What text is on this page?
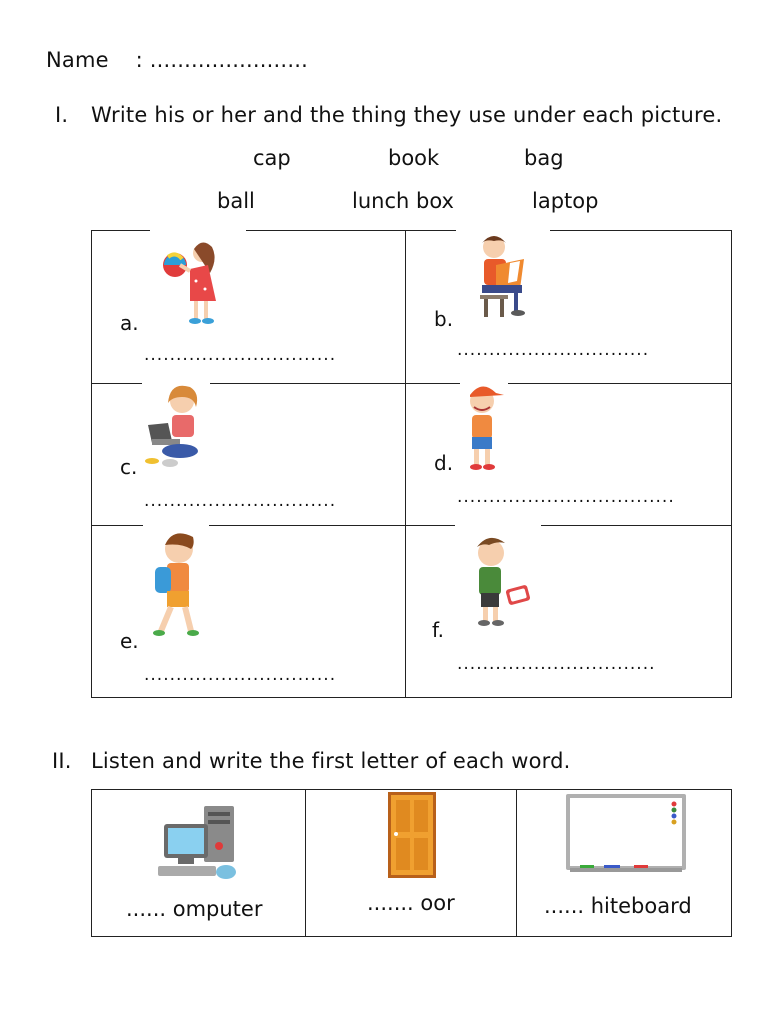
Name : .......................
I. Write his or her and the thing they use under each picture.
cap	book	bag
ball	lunch box	laptop
a.
..............................
b.
..............................
c.
..............................
d.
..................................
e.
..............................
f.
...............................
II. Listen and write the first letter of each word.
...... omputer	....... oor	...... hiteboard
